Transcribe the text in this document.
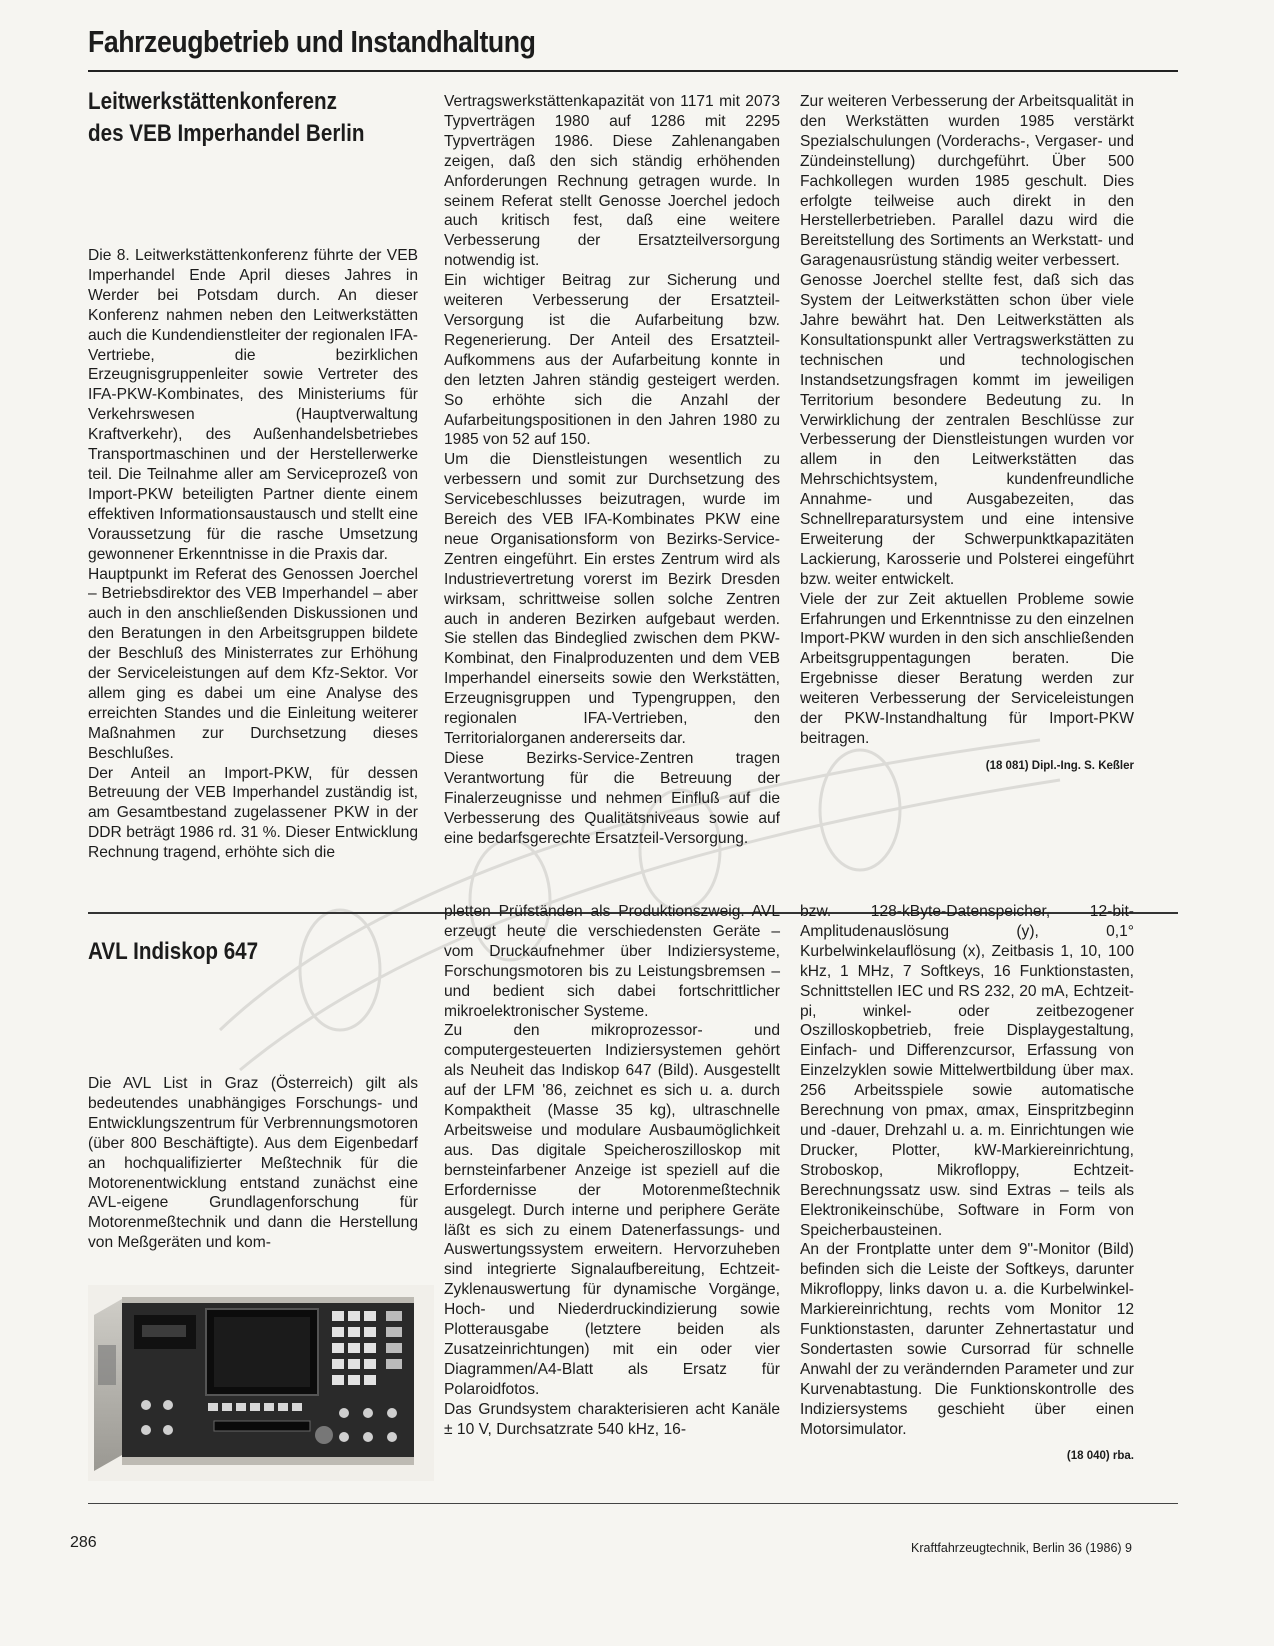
Fahrzeugbetrieb und Instandhaltung
Leitwerkstättenkonferenz
des VEB Imperhandel Berlin

Die 8. Leitwerkstättenkonferenz führte der VEB Imperhandel Ende April dieses Jahres in Werder bei Potsdam durch. An dieser Konferenz nahmen neben den Leitwerkstätten auch die Kundendienstleiter der regionalen IFA-Vertriebe, die bezirklichen Erzeugnisgruppenleiter sowie Vertreter des IFA-PKW-Kombinates, des Ministeriums für Verkehrswesen (Hauptverwaltung Kraftverkehr), des Außenhandelsbetriebes Transportmaschinen und der Herstellerwerke teil. Die Teilnahme aller am Serviceprozeß von Import-PKW beteiligten Partner diente einem effektiven Informationsaustausch und stellt eine Voraussetzung für die rasche Umsetzung gewonnener Erkenntnisse in die Praxis dar.

Hauptpunkt im Referat des Genossen Joerchel – Betriebsdirektor des VEB Imperhandel – aber auch in den anschließenden Diskussionen und den Beratungen in den Arbeitsgruppen bildete der Beschluß des Ministerrates zur Erhöhung der Serviceleistungen auf dem Kfz-Sektor. Vor allem ging es dabei um eine Analyse des erreichten Standes und die Einleitung weiterer Maßnahmen zur Durchsetzung dieses Beschlußes.

Der Anteil an Import-PKW, für dessen Betreuung der VEB Imperhandel zuständig ist, am Gesamtbestand zugelassener PKW in der DDR beträgt 1986 rd. 31 %. Dieser Entwicklung Rechnung tragend, erhöhte sich die

Vertragswerkstättenkapazität von 1171 mit 2073 Typverträgen 1980 auf 1286 mit 2295 Typverträgen 1986. Diese Zahlenangaben zeigen, daß den sich ständig erhöhenden Anforderungen Rechnung getragen wurde. In seinem Referat stellt Genosse Joerchel jedoch auch kritisch fest, daß eine weitere Verbesserung der Ersatzteilversorgung notwendig ist.

Ein wichtiger Beitrag zur Sicherung und weiteren Verbesserung der Ersatzteil-Versorgung ist die Aufarbeitung bzw. Regenerierung. Der Anteil des Ersatzteil-Aufkommens aus der Aufarbeitung konnte in den letzten Jahren ständig gesteigert werden. So erhöhte sich die Anzahl der Aufarbeitungspositionen in den Jahren 1980 zu 1985 von 52 auf 150.

Um die Dienstleistungen wesentlich zu verbessern und somit zur Durchsetzung des Servicebeschlusses beizutragen, wurde im Bereich des VEB IFA-Kombinates PKW eine neue Organisationsform von Bezirks-Service-Zentren eingeführt. Ein erstes Zentrum wird als Industrievertretung vorerst im Bezirk Dresden wirksam, schrittweise sollen solche Zentren auch in anderen Bezirken aufgebaut werden. Sie stellen das Bindeglied zwischen dem PKW-Kombinat, den Finalproduzenten und dem VEB Imperhandel einerseits sowie den Werkstätten, Erzeugnisgruppen und Typengruppen, den regionalen IFA-Vertrieben, den Territorialorganen andererseits dar.

Diese Bezirks-Service-Zentren tragen Verantwortung für die Betreuung der Finalerzeugnisse und nehmen Einfluß auf die Verbesserung des Qualitätsniveaus sowie auf eine bedarfsgerechte Ersatzteil-Versorgung.

Zur weiteren Verbesserung der Arbeitsqualität in den Werkstätten wurden 1985 verstärkt Spezialschulungen (Vorderachs-, Vergaser- und Zündeinstellung) durchgeführt. Über 500 Fachkollegen wurden 1985 geschult. Dies erfolgte teilweise auch direkt in den Herstellerbetrieben. Parallel dazu wird die Bereitstellung des Sortiments an Werkstatt- und Garagenausrüstung ständig weiter verbessert.

Genosse Joerchel stellte fest, daß sich das System der Leitwerkstätten schon über viele Jahre bewährt hat. Den Leitwerkstätten als Konsultationspunkt aller Vertragswerkstätten zu technischen und technologischen Instandsetzungsfragen kommt im jeweiligen Territorium besondere Bedeutung zu. In Verwirklichung der zentralen Beschlüsse zur Verbesserung der Dienstleistungen wurden vor allem in den Leitwerkstätten das Mehrschichtsystem, kundenfreundliche Annahme- und Ausgabezeiten, das Schnellreparatursystem und eine intensive Erweiterung der Schwerpunktkapazitäten Lackierung, Karosserie und Polsterei eingeführt bzw. weiter entwickelt.

Viele der zur Zeit aktuellen Probleme sowie Erfahrungen und Erkenntnisse zu den einzelnen Import-PKW wurden in den sich anschließenden Arbeitsgruppentagungen beraten. Die Ergebnisse dieser Beratung werden zur weiteren Verbesserung der Serviceleistungen der PKW-Instandhaltung für Import-PKW beitragen.

(18 081) Dipl.-Ing. S. Keßler
AVL Indiskop 647

Die AVL List in Graz (Österreich) gilt als bedeutendes unabhängiges Forschungs- und Entwicklungszentrum für Verbrennungsmotoren (über 800 Beschäftigte). Aus dem Eigenbedarf an hochqualifizierter Meßtechnik für die Motorenentwicklung entstand zunächst eine AVL-eigene Grundlagenforschung für Motorenmeßtechnik und dann die Herstellung von Meßgeräten und kom-

pletten Prüfständen als Produktionszweig. AVL erzeugt heute die verschiedensten Geräte – vom Druckaufnehmer über Indiziersysteme, Forschungsmotoren bis zu Leistungsbremsen – und bedient sich dabei fortschrittlicher mikroelektronischer Systeme.

Zu den mikroprozessor- und computergesteuerten Indiziersystemen gehört als Neuheit das Indiskop 647 (Bild). Ausgestellt auf der LFM '86, zeichnet es sich u. a. durch Kompaktheit (Masse 35 kg), ultraschnelle Arbeitsweise und modulare Ausbaumöglichkeit aus. Das digitale Speicheroszilloskop mit bernsteinfarbener Anzeige ist speziell auf die Erfordernisse der Motorenmeßtechnik ausgelegt. Durch interne und periphere Geräte läßt es sich zu einem Datenerfassungs- und Auswertungssystem erweitern. Hervorzuheben sind integrierte Signalaufbereitung, Echtzeit-Zyklenauswertung für dynamische Vorgänge, Hoch- und Niederdruckindizierung sowie Plotterausgabe (letztere beiden als Zusatzeinrichtungen) mit ein oder vier Diagrammen/A4-Blatt als Ersatz für Polaroidfotos.

Das Grundsystem charakterisieren acht Kanäle ± 10 V, Durchsatzrate 540 kHz, 16-

bzw. 128-kByte-Datenspeicher, 12-bit-Amplitudenauslösung (y), 0,1° Kurbelwinkelauflösung (x), Zeitbasis 1, 10, 100 kHz, 1 MHz, 7 Softkeys, 16 Funktionstasten, Schnittstellen IEC und RS 232, 20 mA, Echtzeit-pi, winkel- oder zeitbezogener Oszilloskopbetrieb, freie Displaygestaltung, Einfach- und Differenzcursor, Erfassung von Einzelzyklen sowie Mittelwertbildung über max. 256 Arbeitsspiele sowie automatische Berechnung von pmax, αmax, Einspritzbeginn und -dauer, Drehzahl u. a. m. Einrichtungen wie Drucker, Plotter, kW-Markiereinrichtung, Stroboskop, Mikrofloppy, Echtzeit-Berechnungssatz usw. sind Extras – teils als Elektronikeinschübe, Software in Form von Speicherbausteinen.

An der Frontplatte unter dem 9"-Monitor (Bild) befinden sich die Leiste der Softkeys, darunter Mikrofloppy, links davon u. a. die Kurbelwinkel-Markiereinrichtung, rechts vom Monitor 12 Funktionstasten, darunter Zehnertastatur und Sondertasten sowie Cursorrad für schnelle Anwahl der zu verändernden Parameter und zur Kurvenabtastung. Die Funktionskontrolle des Indiziersystems geschieht über einen Motorsimulator.

(18 040) rba.
286	Kraftfahrzeugtechnik, Berlin 36 (1986) 9
